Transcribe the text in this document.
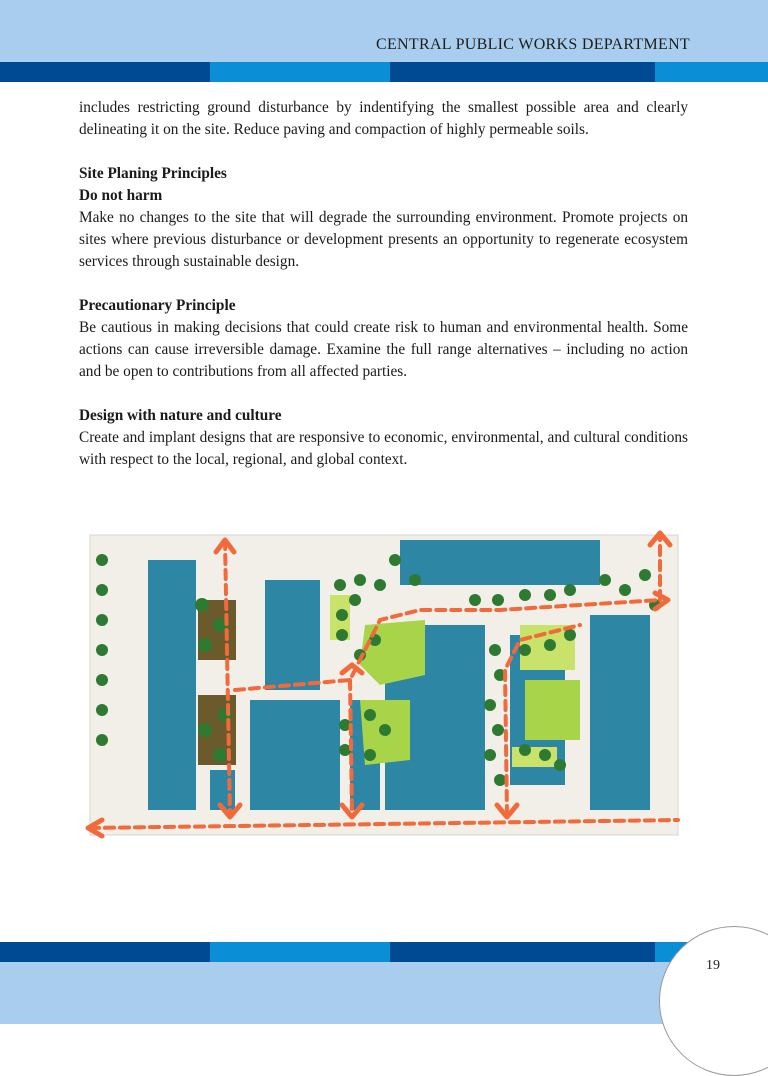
CENTRAL PUBLIC WORKS DEPARTMENT

includes restricting ground disturbance by indentifying the smallest possible area and clearly delineating it on the site. Reduce paving and compaction of highly permeable soils.

Site Planing Principles
Do not harm

Make no changes to the site that will degrade the surrounding environment. Promote projects on sites where previous disturbance or development presents an opportunity to regenerate ecosystem services through sustainable design.

Precautionary Principle

Be cautious in making decisions that could create risk to human and environmental health. Some actions can cause irreversible damage. Examine the full range alternatives – including no action and be open to contributions from all affected parties.

Design with nature and culture

Create and implant designs that are responsive to economic, environmental, and cultural conditions with respect to the local, regional, and global context.

19
